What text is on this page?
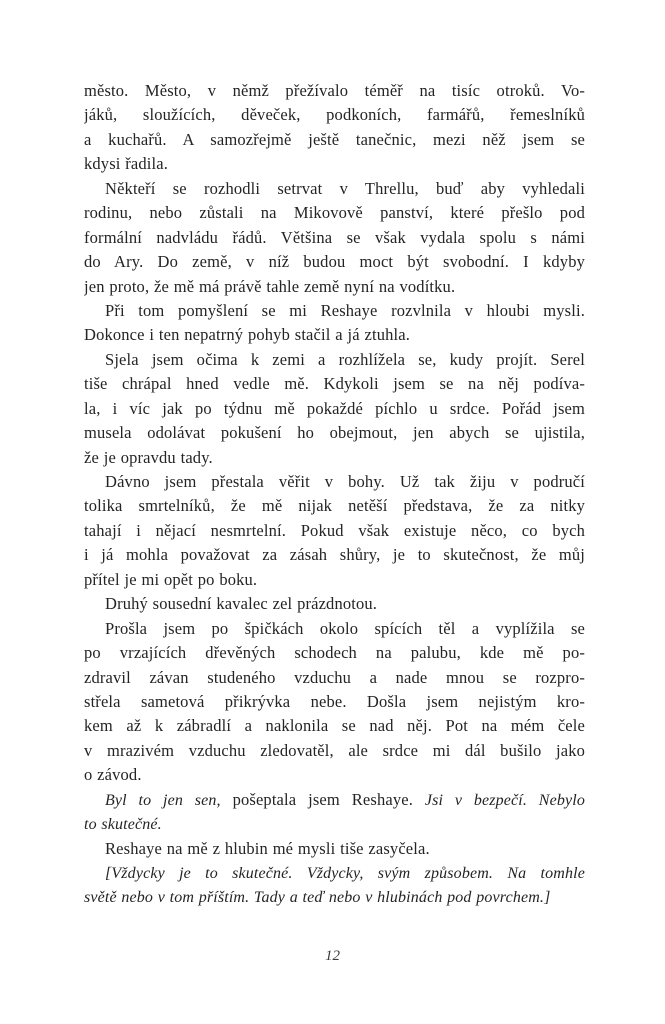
město. Město, v němž přežívalo téměř na tisíc otroků. Vo-
jáků, sloužících, děveček, podkoních, farmářů, řemeslníků
a kuchařů. A samozřejmě ještě tanečnic, mezi něž jsem se
kdysi řadila.
Někteří se rozhodli setrvat v Threllu, buď aby vyhledali
rodinu, nebo zůstali na Mikovově panství, které přešlo pod
formální nadvládu řádů. Většina se však vydala spolu s námi
do Ary. Do země, v níž budou moct být svobodní. I kdyby
jen proto, že mě má právě tahle země nyní na vodítku.
Při tom pomyšlení se mi Reshaye rozvlnila v hloubi mysli.
Dokonce i ten nepatrný pohyb stačil a já ztuhla.
Sjela jsem očima k zemi a rozhlížela se, kudy projít. Serel
tiše chrápal hned vedle mě. Kdykoli jsem se na něj podíva-
la, i víc jak po týdnu mě pokaždé píchlo u srdce. Pořád jsem
musela odolávat pokušení ho obejmout, jen abych se ujistila,
že je opravdu tady.
Dávno jsem přestala věřit v bohy. Už tak žiju v područí
tolika smrtelníků, že mě nijak netěší představa, že za nitky
tahají i nějací nesmrtelní. Pokud však existuje něco, co bych
i já mohla považovat za zásah shůry, je to skutečnost, že můj
přítel je mi opět po boku.
Druhý sousední kavalec zel prázdnotou.
Prošla jsem po špičkách okolo spících těl a vyplížila se
po vrzajících dřevěných schodech na palubu, kde mě po-
zdravil závan studeného vzduchu a nade mnou se rozpro-
střela sametová přikrývka nebe. Došla jsem nejistým kro-
kem až k zábradlí a naklonila se nad něj. Pot na mém čele
v mrazivém vzduchu zledovatěl, ale srdce mi dál bušilo jako
o závod.
Byl to jen sen, pošeptala jsem Reshaye. Jsi v bezpečí. Nebylo
to skutečné.
Reshaye na mě z hlubin mé mysli tiše zasyčela.
[Vždycky je to skutečné. Vždycky, svým způsobem. Na tomhle
světě nebo v tom příštím. Tady a teď nebo v hlubinách pod povrchem.]
12
